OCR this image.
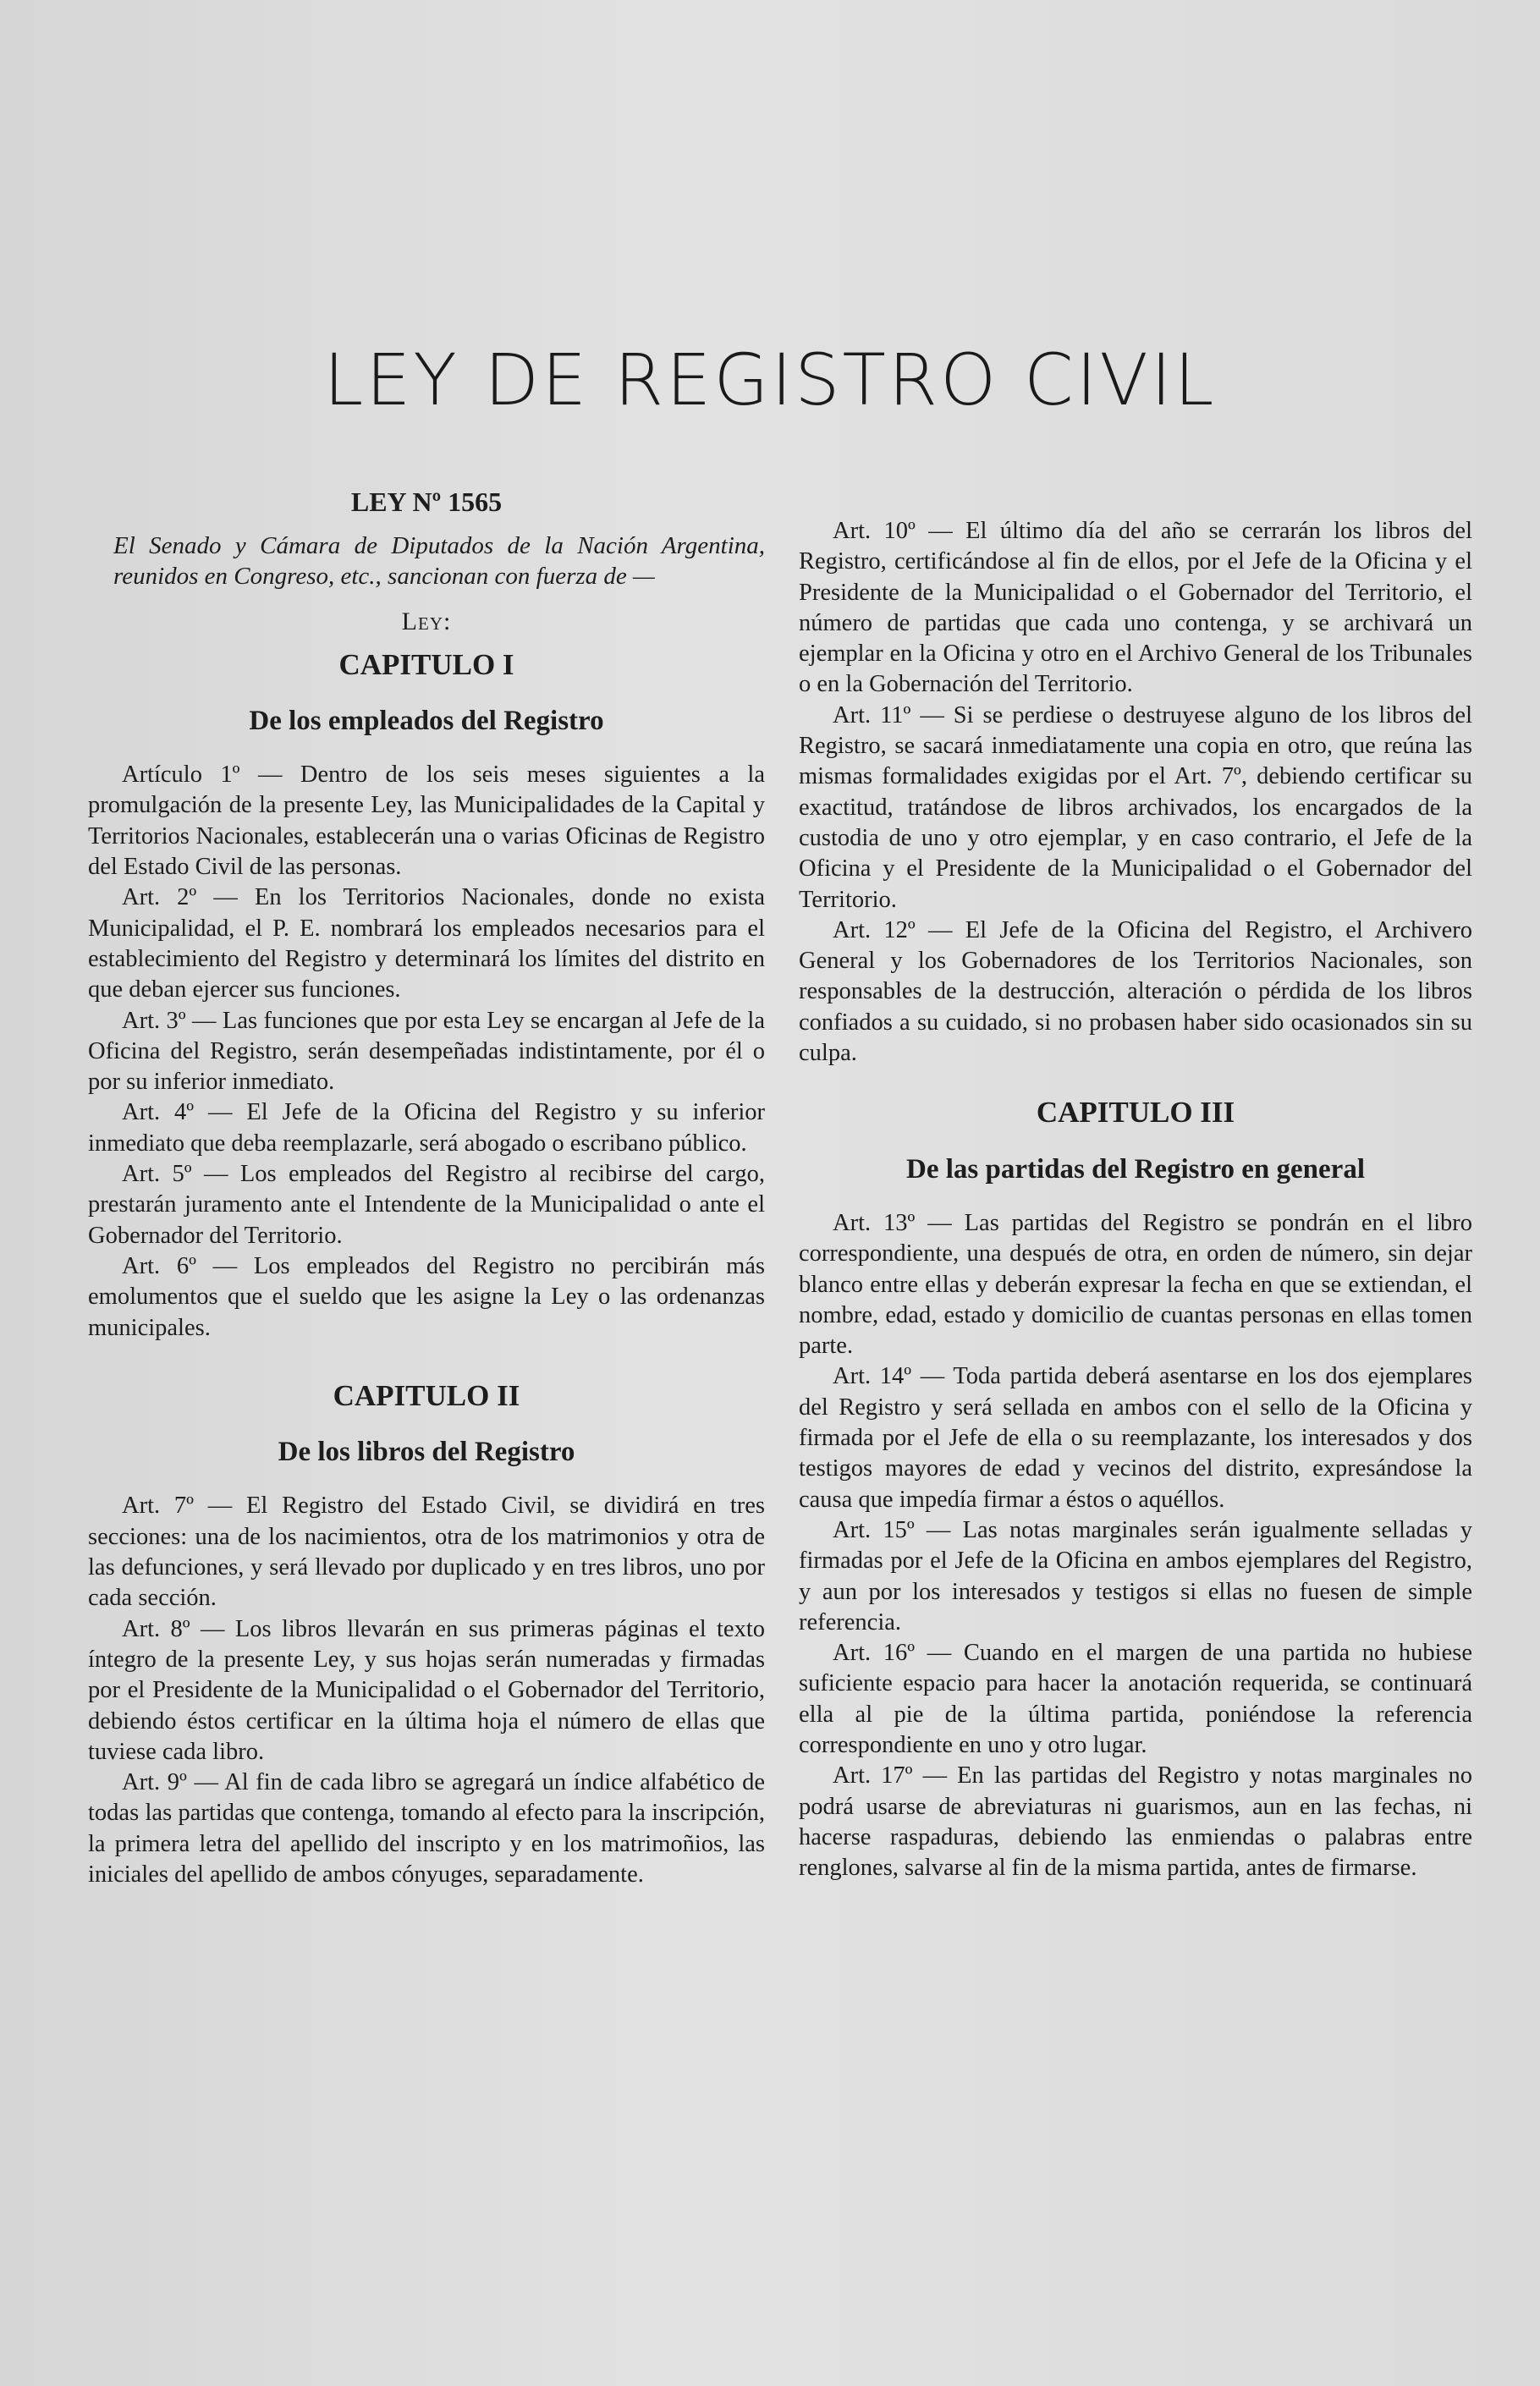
LEY DE REGISTRO CIVIL

LEY Nº 1565

El Senado y Cámara de Diputados de la Nación Argentina, reunidos en Congreso, etc., sancionan con fuerza de —

Ley:

CAPITULO I

De los empleados del Registro

Artículo 1º — Dentro de los seis meses siguientes a la promulgación de la presente Ley, las Municipalidades de la Capital y Territorios Nacionales, establecerán una o varias Oficinas de Registro del Estado Civil de las personas.

Art. 2º — En los Territorios Nacionales, donde no exista Municipalidad, el P. E. nombrará los empleados necesarios para el establecimiento del Registro y determinará los límites del distrito en que deban ejercer sus funciones.

Art. 3º — Las funciones que por esta Ley se encargan al Jefe de la Oficina del Registro, serán desempeñadas indistintamente, por él o por su inferior inmediato.

Art. 4º — El Jefe de la Oficina del Registro y su inferior inmediato que deba reemplazarle, será abogado o escribano público.

Art. 5º — Los empleados del Registro al recibirse del cargo, prestarán juramento ante el Intendente de la Municipalidad o ante el Gobernador del Territorio.

Art. 6º — Los empleados del Registro no percibirán más emolumentos que el sueldo que les asigne la Ley o las ordenanzas municipales.

CAPITULO II

De los libros del Registro

Art. 7º — El Registro del Estado Civil, se dividirá en tres secciones: una de los nacimientos, otra de los matrimonios y otra de las defunciones, y será llevado por duplicado y en tres libros, uno por cada sección.

Art. 8º — Los libros llevarán en sus primeras páginas el texto íntegro de la presente Ley, y sus hojas serán numeradas y firmadas por el Presidente de la Municipalidad o el Gobernador del Territorio, debiendo éstos certificar en la última hoja el número de ellas que tuviese cada libro.

Art. 9º — Al fin de cada libro se agregará un índice alfabético de todas las partidas que contenga, tomando al efecto para la inscripción, la primera letra del apellido del inscripto y en los matrimoñios, las iniciales del apellido de ambos cónyuges, separadamente.

Art. 10º — El último día del año se cerrarán los libros del Registro, certificándose al fin de ellos, por el Jefe de la Oficina y el Presidente de la Municipalidad o el Gobernador del Territorio, el número de partidas que cada uno contenga, y se archivará un ejemplar en la Oficina y otro en el Archivo General de los Tribunales o en la Gobernación del Territorio.

Art. 11º — Si se perdiese o destruyese alguno de los libros del Registro, se sacará inmediatamente una copia en otro, que reúna las mismas formalidades exigidas por el Art. 7º, debiendo certificar su exactitud, tratándose de libros archivados, los encargados de la custodia de uno y otro ejemplar, y en caso contrario, el Jefe de la Oficina y el Presidente de la Municipalidad o el Gobernador del Territorio.

Art. 12º — El Jefe de la Oficina del Registro, el Archivero General y los Gobernadores de los Territorios Nacionales, son responsables de la destrucción, alteración o pérdida de los libros confiados a su cuidado, si no probasen haber sido ocasionados sin su culpa.

CAPITULO III

De las partidas del Registro en general

Art. 13º — Las partidas del Registro se pondrán en el libro correspondiente, una después de otra, en orden de número, sin dejar blanco entre ellas y deberán expresar la fecha en que se extiendan, el nombre, edad, estado y domicilio de cuantas personas en ellas tomen parte.

Art. 14º — Toda partida deberá asentarse en los dos ejemplares del Registro y será sellada en ambos con el sello de la Oficina y firmada por el Jefe de ella o su reemplazante, los interesados y dos testigos mayores de edad y vecinos del distrito, expresándose la causa que impedía firmar a éstos o aquéllos.

Art. 15º — Las notas marginales serán igualmente selladas y firmadas por el Jefe de la Oficina en ambos ejemplares del Registro, y aun por los interesados y testigos si ellas no fuesen de simple referencia.

Art. 16º — Cuando en el margen de una partida no hubiese suficiente espacio para hacer la anotación requerida, se continuará ella al pie de la última partida, poniéndose la referencia correspondiente en uno y otro lugar.

Art. 17º — En las partidas del Registro y notas marginales no podrá usarse de abreviaturas ni guarismos, aun en las fechas, ni hacerse raspaduras, debiendo las enmiendas o palabras entre renglones, salvarse al fin de la misma partida, antes de firmarse.
